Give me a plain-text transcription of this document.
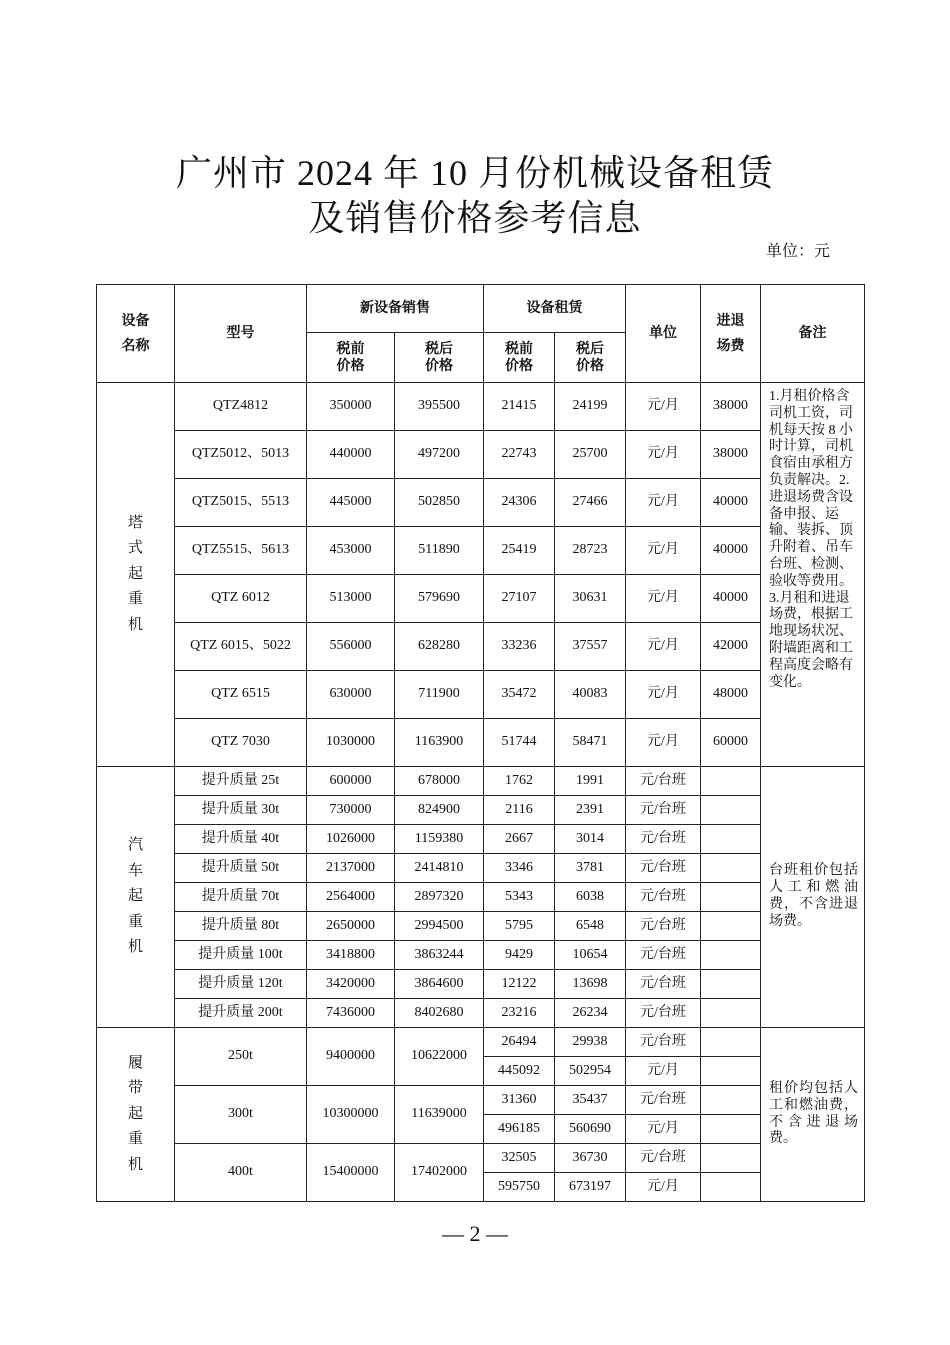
广州市 2024 年 10 月份机械设备租赁
及销售价格参考信息
单位：元
设备名称	型号	新设备销售		设备租赁		单位	进退场费	备注

		税前价格	税后价格	税前价格	税后价格			

塔式起重机	QTZ4812	350000	395500	21415	24199	元/月	38000	1.月租价格含司机工资，司机每天按 8 小时计算，司机食宿由承租方负责解决。2.进退场费含设备申报、运输、装拆、顶升附着、吊车台班、检测、验收等费用。3.月租和进退场费，根据工地现场状况、附墙距离和工程高度会略有变化。
	QTZ5012、5013	440000	497200	22743	25700	元/月	38000	
	QTZ5015、5513	445000	502850	24306	27466	元/月	40000	
	QTZ5515、5613	453000	511890	25419	28723	元/月	40000	
	QTZ 6012	513000	579690	27107	30631	元/月	40000	
	QTZ 6015、5022	556000	628280	33236	37557	元/月	42000	
	QTZ 6515	630000	711900	35472	40083	元/月	48000	
	QTZ 7030	1030000	1163900	51744	58471	元/月	60000	

汽车起重机	提升质量 25t	600000	678000	1762	1991	元/台班		台班租价包括人工和燃油费，不含进退场费。
	提升质量 30t	730000	824900	2116	2391	元/台班		
	提升质量 40t	1026000	1159380	2667	3014	元/台班		
	提升质量 50t	2137000	2414810	3346	3781	元/台班		
	提升质量 70t	2564000	2897320	5343	6038	元/台班		
	提升质量 80t	2650000	2994500	5795	6548	元/台班		
	提升质量 100t	3418800	3863244	9429	10654	元/台班		
	提升质量 120t	3420000	3864600	12122	13698	元/台班		
	提升质量 200t	7436000	8402680	23216	26234	元/台班		

履带起重机	250t	9400000	10622000	26494	29938	元/台班		租价均包括人工和燃油费，不含进退场费。
				445092	502954	元/月		
	300t	10300000	11639000	31360	35437	元/台班		
				496185	560690	元/月		
	400t	15400000	17402000	32505	36730	元/台班		
				595750	673197	元/月		
— 2 —
